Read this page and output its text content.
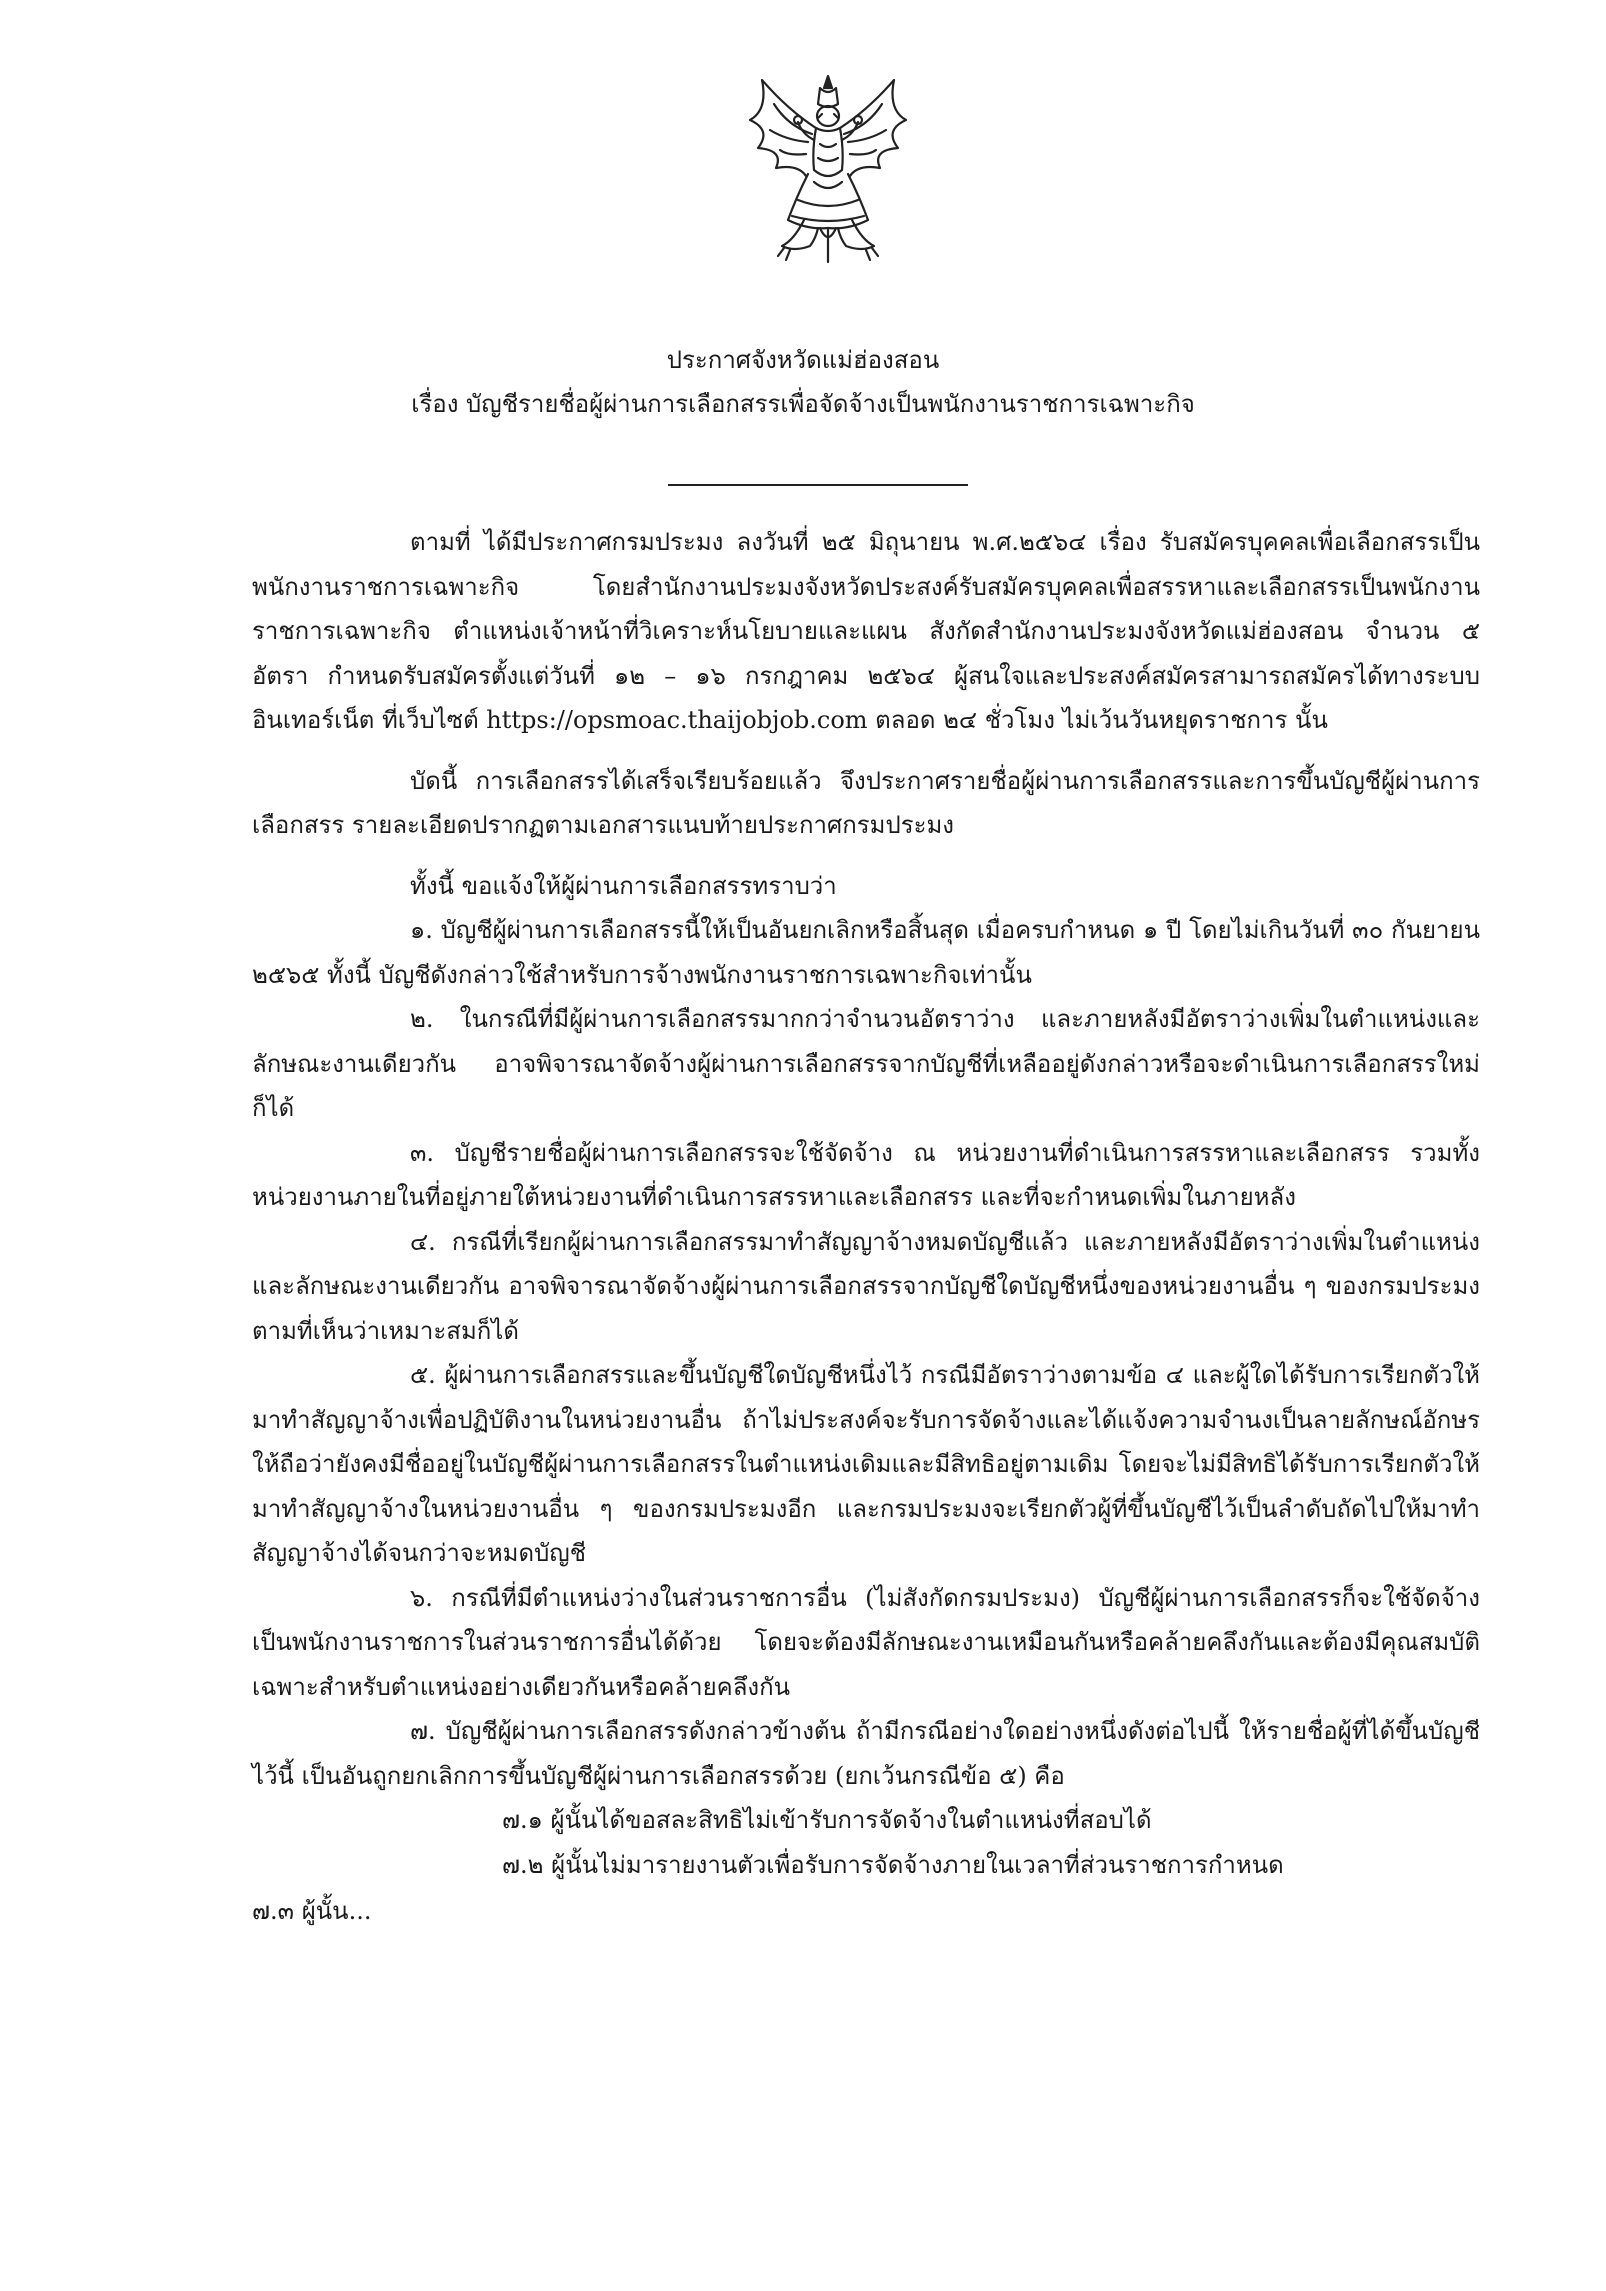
ประกาศจังหวัดแม่ฮ่องสอน
เรื่อง บัญชีรายชื่อผู้ผ่านการเลือกสรรเพื่อจัดจ้างเป็นพนักงานราชการเฉพาะกิจ

ตามที่ ได้มีประกาศกรมประมง ลงวันที่ ๒๕ มิถุนายน พ.ศ.๒๕๖๔ เรื่อง รับสมัครบุคคลเพื่อเลือกสรรเป็นพนักงานราชการเฉพาะกิจ โดยสำนักงานประมงจังหวัดประสงค์รับสมัครบุคคลเพื่อสรรหาและเลือกสรรเป็นพนักงานราชการเฉพาะกิจ ตำแหน่งเจ้าหน้าที่วิเคราะห์นโยบายและแผน สังกัดสำนักงานประมงจังหวัดแม่ฮ่องสอน จำนวน ๕ อัตรา กำหนดรับสมัครตั้งแต่วันที่ ๑๒ – ๑๖ กรกฎาคม ๒๕๖๔ ผู้สนใจและประสงค์สมัครสามารถสมัครได้ทางระบบอินเทอร์เน็ต ที่เว็บไซต์ https://opsmoac.thaijobjob.com ตลอด ๒๔ ชั่วโมง ไม่เว้นวันหยุดราชการ นั้น

บัดนี้ การเลือกสรรได้เสร็จเรียบร้อยแล้ว จึงประกาศรายชื่อผู้ผ่านการเลือกสรรและการขึ้นบัญชีผู้ผ่านการเลือกสรร รายละเอียดปรากฏตามเอกสารแนบท้ายประกาศกรมประมง

ทั้งนี้ ขอแจ้งให้ผู้ผ่านการเลือกสรรทราบว่า

๑. บัญชีผู้ผ่านการเลือกสรรนี้ให้เป็นอันยกเลิกหรือสิ้นสุด เมื่อครบกำหนด ๑ ปี โดยไม่เกินวันที่ ๓๐ กันยายน ๒๕๖๕ ทั้งนี้ บัญชีดังกล่าวใช้สำหรับการจ้างพนักงานราชการเฉพาะกิจเท่านั้น

๒. ในกรณีที่มีผู้ผ่านการเลือกสรรมากกว่าจำนวนอัตราว่าง และภายหลังมีอัตราว่างเพิ่มในตำแหน่งและลักษณะงานเดียวกัน อาจพิจารณาจัดจ้างผู้ผ่านการเลือกสรรจากบัญชีที่เหลืออยู่ดังกล่าวหรือจะดำเนินการเลือกสรรใหม่ก็ได้

๓. บัญชีรายชื่อผู้ผ่านการเลือกสรรจะใช้จัดจ้าง ณ หน่วยงานที่ดำเนินการสรรหาและเลือกสรร รวมทั้งหน่วยงานภายในที่อยู่ภายใต้หน่วยงานที่ดำเนินการสรรหาและเลือกสรร และที่จะกำหนดเพิ่มในภายหลัง

๔. กรณีที่เรียกผู้ผ่านการเลือกสรรมาทำสัญญาจ้างหมดบัญชีแล้ว และภายหลังมีอัตราว่างเพิ่มในตำแหน่งและลักษณะงานเดียวกัน อาจพิจารณาจัดจ้างผู้ผ่านการเลือกสรรจากบัญชีใดบัญชีหนึ่งของหน่วยงานอื่น ๆ ของกรมประมง ตามที่เห็นว่าเหมาะสมก็ได้

๕. ผู้ผ่านการเลือกสรรและขึ้นบัญชีใดบัญชีหนึ่งไว้ กรณีมีอัตราว่างตามข้อ ๔ และผู้ใดได้รับการเรียกตัวให้มาทำสัญญาจ้างเพื่อปฏิบัติงานในหน่วยงานอื่น ถ้าไม่ประสงค์จะรับการจัดจ้างและได้แจ้งความจำนงเป็นลายลักษณ์อักษร ให้ถือว่ายังคงมีชื่ออยู่ในบัญชีผู้ผ่านการเลือกสรรในตำแหน่งเดิมและมีสิทธิอยู่ตามเดิม โดยจะไม่มีสิทธิได้รับการเรียกตัวให้มาทำสัญญาจ้างในหน่วยงานอื่น ๆ ของกรมประมงอีก และกรมประมงจะเรียกตัวผู้ที่ขึ้นบัญชีไว้เป็นลำดับถัดไปให้มาทำสัญญาจ้างได้จนกว่าจะหมดบัญชี

๖. กรณีที่มีตำแหน่งว่างในส่วนราชการอื่น (ไม่สังกัดกรมประมง) บัญชีผู้ผ่านการเลือกสรรก็จะใช้จัดจ้างเป็นพนักงานราชการในส่วนราชการอื่นได้ด้วย โดยจะต้องมีลักษณะงานเหมือนกันหรือคล้ายคลึงกันและต้องมีคุณสมบัติเฉพาะสำหรับตำแหน่งอย่างเดียวกันหรือคล้ายคลึงกัน

๗. บัญชีผู้ผ่านการเลือกสรรดังกล่าวข้างต้น ถ้ามีกรณีอย่างใดอย่างหนึ่งดังต่อไปนี้ ให้รายชื่อผู้ที่ได้ขึ้นบัญชีไว้นี้ เป็นอันถูกยกเลิกการขึ้นบัญชีผู้ผ่านการเลือกสรรด้วย (ยกเว้นกรณีข้อ ๕) คือ

๗.๑ ผู้นั้นได้ขอสละสิทธิไม่เข้ารับการจัดจ้างในตำแหน่งที่สอบได้

๗.๒ ผู้นั้นไม่มารายงานตัวเพื่อรับการจัดจ้างภายในเวลาที่ส่วนราชการกำหนด

๗.๓ ผู้นั้น...
